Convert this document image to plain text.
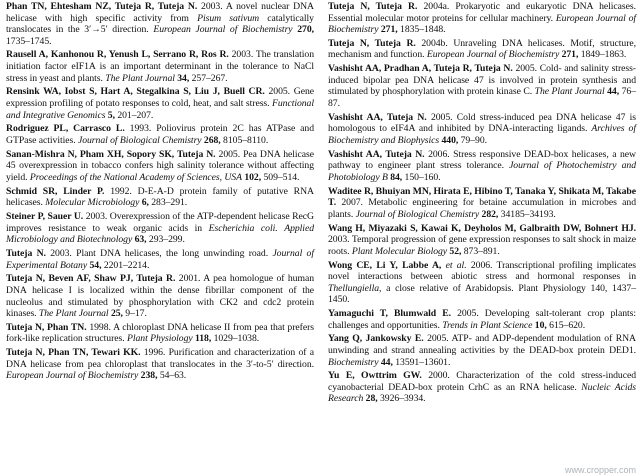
Phan TN, Ehtesham NZ, Tuteja R, Tuteja N. 2003. A novel nuclear DNA helicase with high specific activity from Pisum sativum catalytically translocates in the 3′→5′ direction. European Journal of Biochemistry 270, 1735–1745.

Rausell A, Kanhonou R, Yenush L, Serrano R, Ros R. 2003. The translation initiation factor eIF1A is an important determinant in the tolerance to NaCl stress in yeast and plants. The Plant Journal 34, 257–267.

Rensink WA, Iobst S, Hart A, Stegalkina S, Liu J, Buell CR. 2005. Gene expression profiling of potato responses to cold, heat, and salt stress. Functional and Integrative Genomics 5, 201–207.

Rodriguez PL, Carrasco L. 1993. Poliovirus protein 2C has ATPase and GTPase activities. Journal of Biological Chemistry 268, 8105–8110.

Sanan-Mishra N, Pham XH, Sopory SK, Tuteja N. 2005. Pea DNA helicase 45 overexpression in tobacco confers high salinity tolerance without affecting yield. Proceedings of the National Academy of Sciences, USA 102, 509–514.

Schmid SR, Linder P. 1992. D-E-A-D protein family of putative RNA helicases. Molecular Microbiology 6, 283–291.

Steiner P, Sauer U. 2003. Overexpression of the ATP-dependent helicase RecG improves resistance to weak organic acids in Escherichia coli. Applied Microbiology and Biotechnology 63, 293–299.

Tuteja N. 2003. Plant DNA helicases, the long unwinding road. Journal of Experimental Botany 54, 2201–2214.

Tuteja N, Beven AF, Shaw PJ, Tuteja R. 2001. A pea homologue of human DNA helicase I is localized within the dense fibrillar component of the nucleolus and stimulated by phosphorylation with CK2 and cdc2 protein kinases. The Plant Journal 25, 9–17.

Tuteja N, Phan TN. 1998. A chloroplast DNA helicase II from pea that prefers fork-like replication structures. Plant Physiology 118, 1029–1038.

Tuteja N, Phan TN, Tewari KK. 1996. Purification and characterization of a DNA helicase from pea chloroplast that translocates in the 3′-to-5′ direction. European Journal of Biochemistry 238, 54–63.

Tuteja N, Tuteja R. 2004a. Prokaryotic and eukaryotic DNA helicases. Essential molecular motor proteins for cellular machinery. European Journal of Biochemistry 271, 1835–1848.

Tuteja N, Tuteja R. 2004b. Unraveling DNA helicases. Motif, structure, mechanism and function. European Journal of Biochemistry 271, 1849–1863.

Vashisht AA, Pradhan A, Tuteja R, Tuteja N. 2005. Cold- and salinity stress-induced bipolar pea DNA helicase 47 is involved in protein synthesis and stimulated by phosphorylation with protein kinase C. The Plant Journal 44, 76–87.

Vashisht AA, Tuteja N. 2005. Cold stress-induced pea DNA helicase 47 is homologous to eIF4A and inhibited by DNA-interacting ligands. Archives of Biochemistry and Biophysics 440, 79–90.

Vashisht AA, Tuteja N. 2006. Stress responsive DEAD-box helicases, a new pathway to engineer plant stress tolerance. Journal of Photochemistry and Photobiology B 84, 150–160.

Waditee R, Bhuiyan MN, Hirata E, Hibino T, Tanaka Y, Shikata M, Takabe T. 2007. Metabolic engineering for betaine accumulation in microbes and plants. Journal of Biological Chemistry 282, 34185–34193.

Wang H, Miyazaki S, Kawai K, Deyholos M, Galbraith DW, Bohnert HJ. 2003. Temporal progression of gene expression responses to salt shock in maize roots. Plant Molecular Biology 52, 873–891.

Wong CE, Li Y, Labbe A, et al. 2006. Transcriptional profiling implicates novel interactions between abiotic stress and hormonal responses in Thellungiella, a close relative of Arabidopsis. Plant Physiology 140, 1437–1450.

Yamaguchi T, Blumwald E. 2005. Developing salt-tolerant crop plants: challenges and opportunities. Trends in Plant Science 10, 615–620.

Yang Q, Jankowsky E. 2005. ATP- and ADP-dependent modulation of RNA unwinding and strand annealing activities by the DEAD-box protein DED1. Biochemistry 44, 13591–13601.

Yu E, Owttrim GW. 2000. Characterization of the cold stress-induced cyanobacterial DEAD-box protein CrhC as an RNA helicase. Nucleic Acids Research 28, 3926–3934.

www.cropper.com
